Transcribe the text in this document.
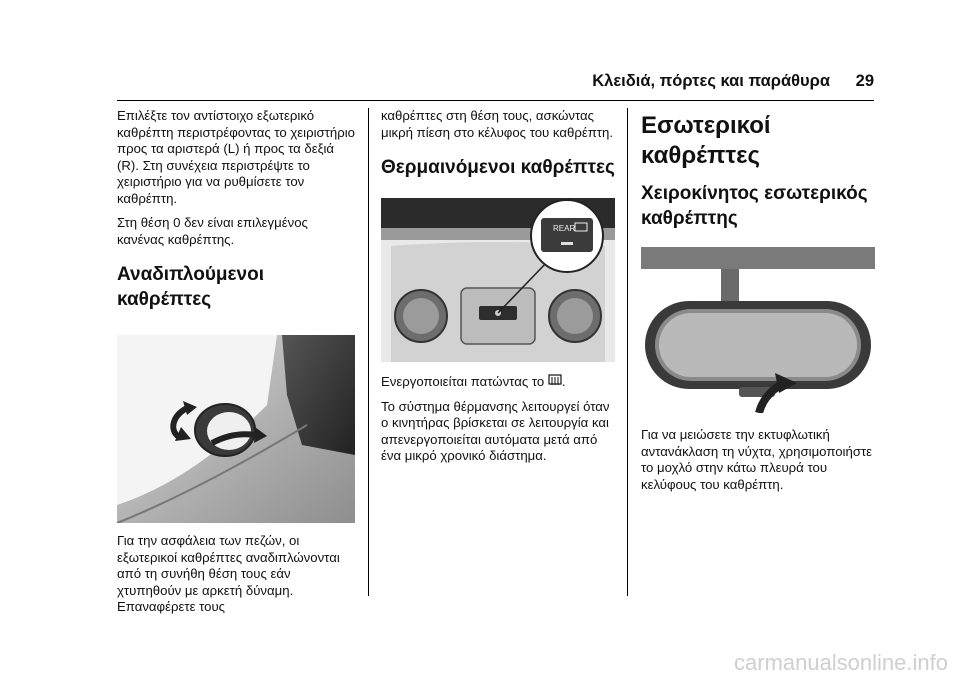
Κλειδιά, πόρτες και παράθυρα 29

Επιλέξτε τον αντίστοιχο εξωτερικό καθρέπτη περιστρέφοντας το χειριστήριο προς τα αριστερά (L) ή προς τα δεξιά (R). Στη συνέχεια περιστρέψτε το χειριστήριο για να ρυθμίσετε τον καθρέπτη.

Στη θέση 0 δεν είναι επιλεγμένος κανένας καθρέπτης.

Αναδιπλούμενοι καθρέπτες

Για την ασφάλεια των πεζών, οι εξωτερικοί καθρέπτες αναδιπλώνονται από τη συνήθη θέση τους εάν χτυπηθούν με αρκετή δύναμη. Επαναφέρετε τους

καθρέπτες στη θέση τους, ασκώντας μικρή πίεση στο κέλυφος του καθρέπτη.

Θερμαινόμενοι καθρέπτες
REAR

Ενεργοποιείται πατώντας το .

Το σύστημα θέρμανσης λειτουργεί όταν ο κινητήρας βρίσκεται σε λειτουργία και απενεργοποιείται αυτόματα μετά από ένα μικρό χρονικό διάστημα.

Εσωτερικοί καθρέπτες
Χειροκίνητος εσωτερικός καθρέπτης

Για να μειώσετε την εκτυφλωτική αντανάκλαση τη νύχτα, χρησιμοποιήστε το μοχλό στην κάτω πλευρά του κελύφους του καθρέπτη.

carmanualsonline.info
